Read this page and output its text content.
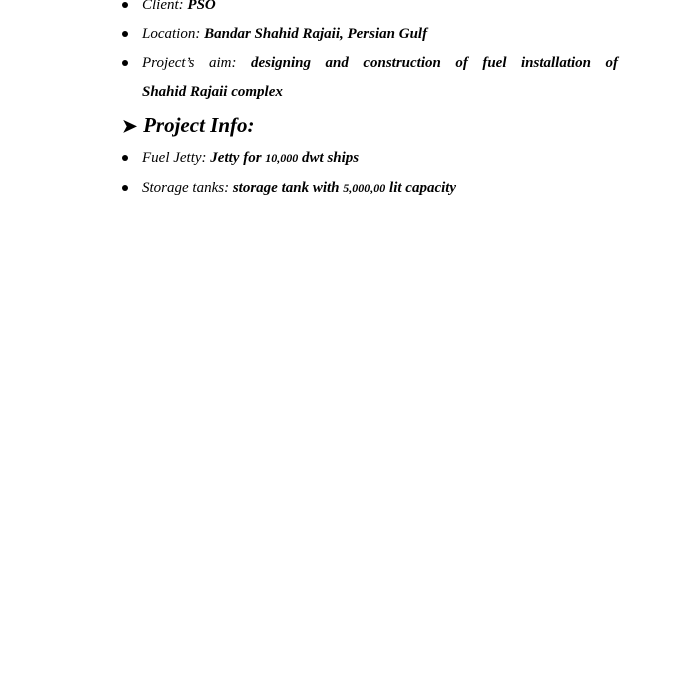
Client: PSO
Location: Bandar Shahid Rajaii, Persian Gulf
Project’s aim: designing and construction of fuel installation of
Shahid Rajaii complex
➤ Project Info:
Fuel Jetty: Jetty for 10,000 dwt ships
Storage tanks: storage tank with 5,000,00 lit capacity
